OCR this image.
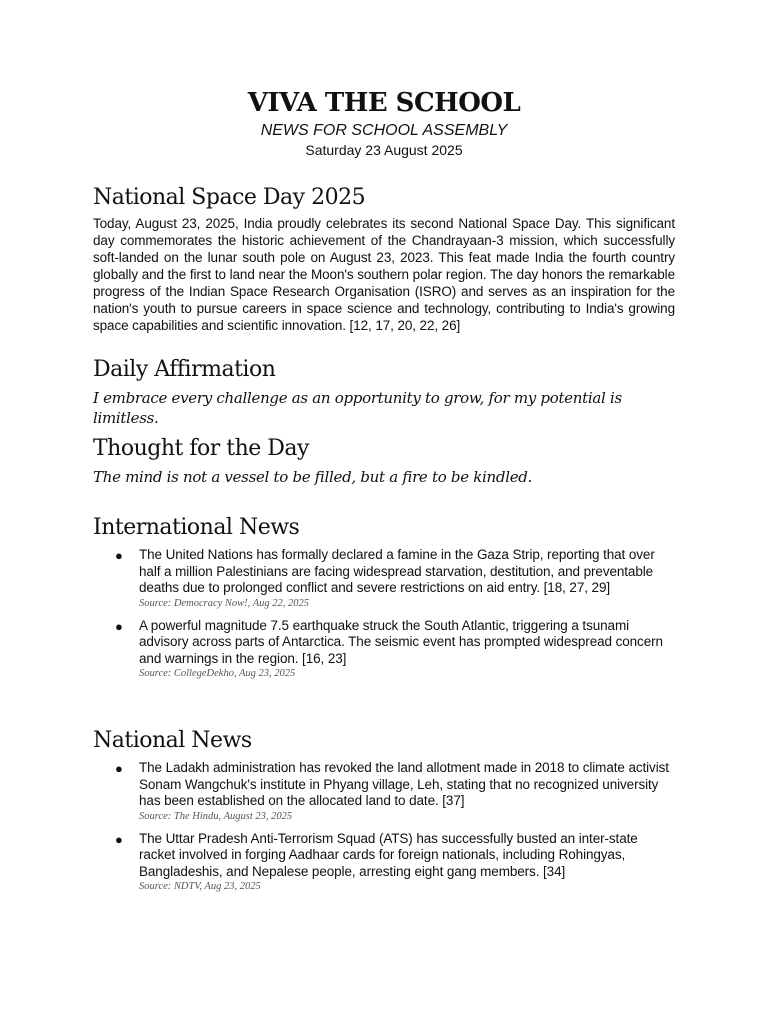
VIVA THE SCHOOL
NEWS FOR SCHOOL ASSEMBLY
Saturday 23 August 2025
National Space Day 2025
Today, August 23, 2025, India proudly celebrates its second National Space Day. This significant day commemorates the historic achievement of the Chandrayaan-3 mission, which successfully soft-landed on the lunar south pole on August 23, 2023. This feat made India the fourth country globally and the first to land near the Moon's southern polar region. The day honors the remarkable progress of the Indian Space Research Organisation (ISRO) and serves as an inspiration for the nation's youth to pursue careers in space science and technology, contributing to India's growing space capabilities and scientific innovation. [12, 17, 20, 22, 26]
Daily Affirmation
I embrace every challenge as an opportunity to grow, for my potential is limitless.
Thought for the Day
The mind is not a vessel to be filled, but a fire to be kindled.
International News
● The United Nations has formally declared a famine in the Gaza Strip, reporting that over half a million Palestinians are facing widespread starvation, destitution, and preventable deaths due to prolonged conflict and severe restrictions on aid entry. [18, 27, 29]
Source: Democracy Now!, Aug 22, 2025
● A powerful magnitude 7.5 earthquake struck the South Atlantic, triggering a tsunami advisory across parts of Antarctica. The seismic event has prompted widespread concern and warnings in the region. [16, 23]
Source: CollegeDekho, Aug 23, 2025
National News
● The Ladakh administration has revoked the land allotment made in 2018 to climate activist Sonam Wangchuk's institute in Phyang village, Leh, stating that no recognized university has been established on the allocated land to date. [37]
Source: The Hindu, August 23, 2025
● The Uttar Pradesh Anti-Terrorism Squad (ATS) has successfully busted an inter-state racket involved in forging Aadhaar cards for foreign nationals, including Rohingyas, Bangladeshis, and Nepalese people, arresting eight gang members. [34]
Source: NDTV, Aug 23, 2025
